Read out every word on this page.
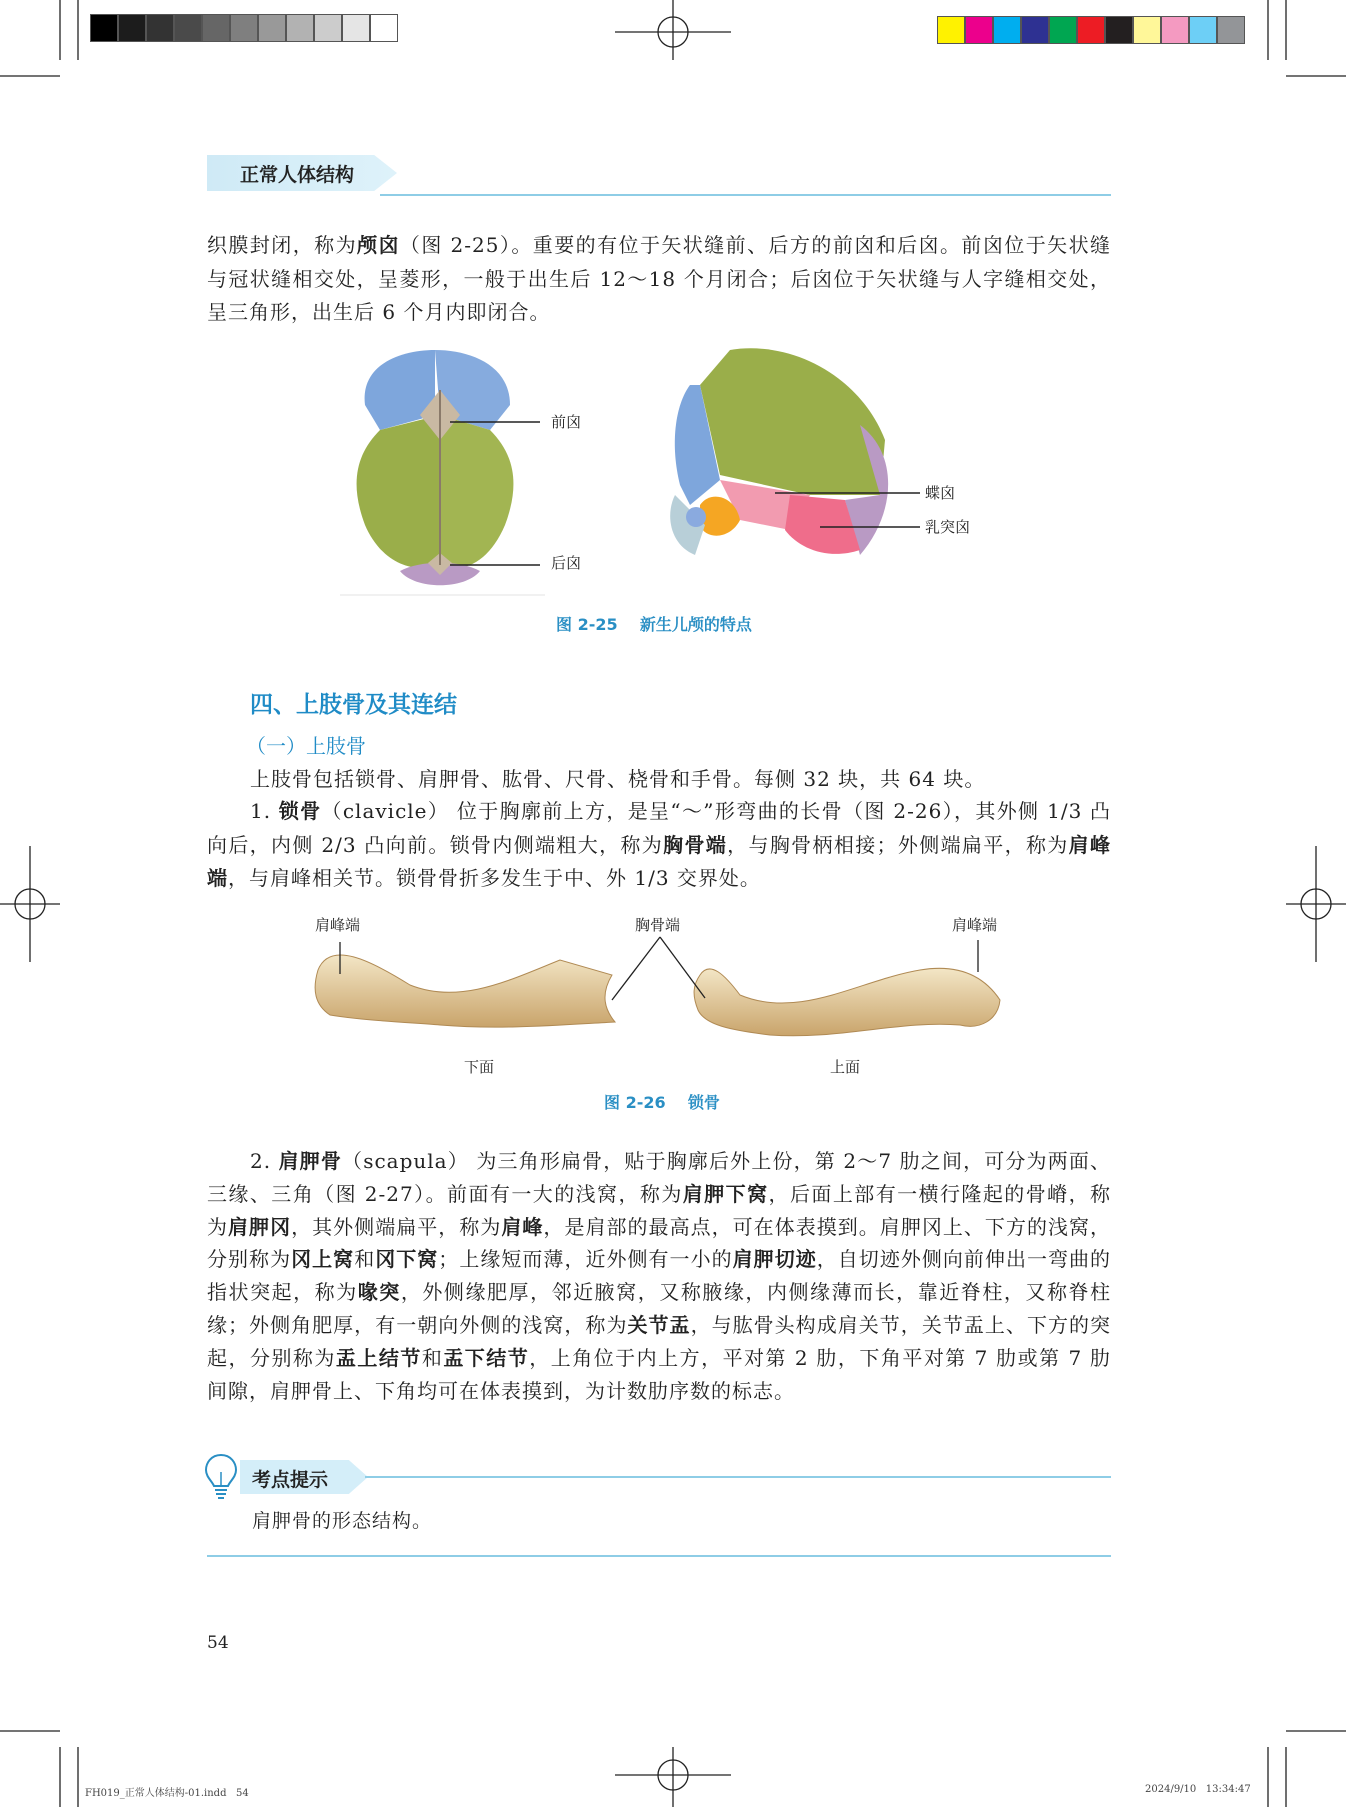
正常人体结构

织膜封闭，称为颅囟（图 2-25）。重要的有位于矢状缝前、后方的前囟和后囟。前囟位于矢状缝与冠状缝相交处，呈菱形，一般于出生后 12～18 个月闭合；后囟位于矢状缝与人字缝相交处，呈三角形，出生后 6 个月内即闭合。

前囟
后囟
蝶囟
乳突囟
图 2-25    新生儿颅的特点
四、上肢骨及其连结
（一）上肢骨

上肢骨包括锁骨、肩胛骨、肱骨、尺骨、桡骨和手骨。每侧 32 块，共 64 块。

1. 锁骨（clavicle） 位于胸廓前上方，是呈“～”形弯曲的长骨（图 2-26），其外侧 1/3 凸向后，内侧 2/3 凸向前。锁骨内侧端粗大，称为胸骨端，与胸骨柄相接；外侧端扁平，称为肩峰端，与肩峰相关节。锁骨骨折多发生于中、外 1/3 交界处。

肩峰端	胸骨端	肩峰端
下面	上面
图 2-26    锁骨

2. 肩胛骨（scapula） 为三角形扁骨，贴于胸廓后外上份，第 2～7 肋之间，可分为两面、三缘、三角（图 2-27）。前面有一大的浅窝，称为肩胛下窝，后面上部有一横行隆起的骨嵴，称为肩胛冈，其外侧端扁平，称为肩峰，是肩部的最高点，可在体表摸到。肩胛冈上、下方的浅窝，分别称为冈上窝和冈下窝；上缘短而薄，近外侧有一小的肩胛切迹，自切迹外侧向前伸出一弯曲的指状突起，称为喙突，外侧缘肥厚，邻近腋窝，又称腋缘，内侧缘薄而长，靠近脊柱，又称脊柱缘；外侧角肥厚，有一朝向外侧的浅窝，称为关节盂，与肱骨头构成肩关节，关节盂上、下方的突起，分别称为盂上结节和盂下结节，上角位于内上方，平对第 2 肋，下角平对第 7 肋或第 7 肋间隙，肩胛骨上、下角均可在体表摸到，为计数肋序数的标志。

考点提示
肩胛骨的形态结构。
54
FH019_正常人体结构-01.indd   54	2024/9/10   13:34:47
